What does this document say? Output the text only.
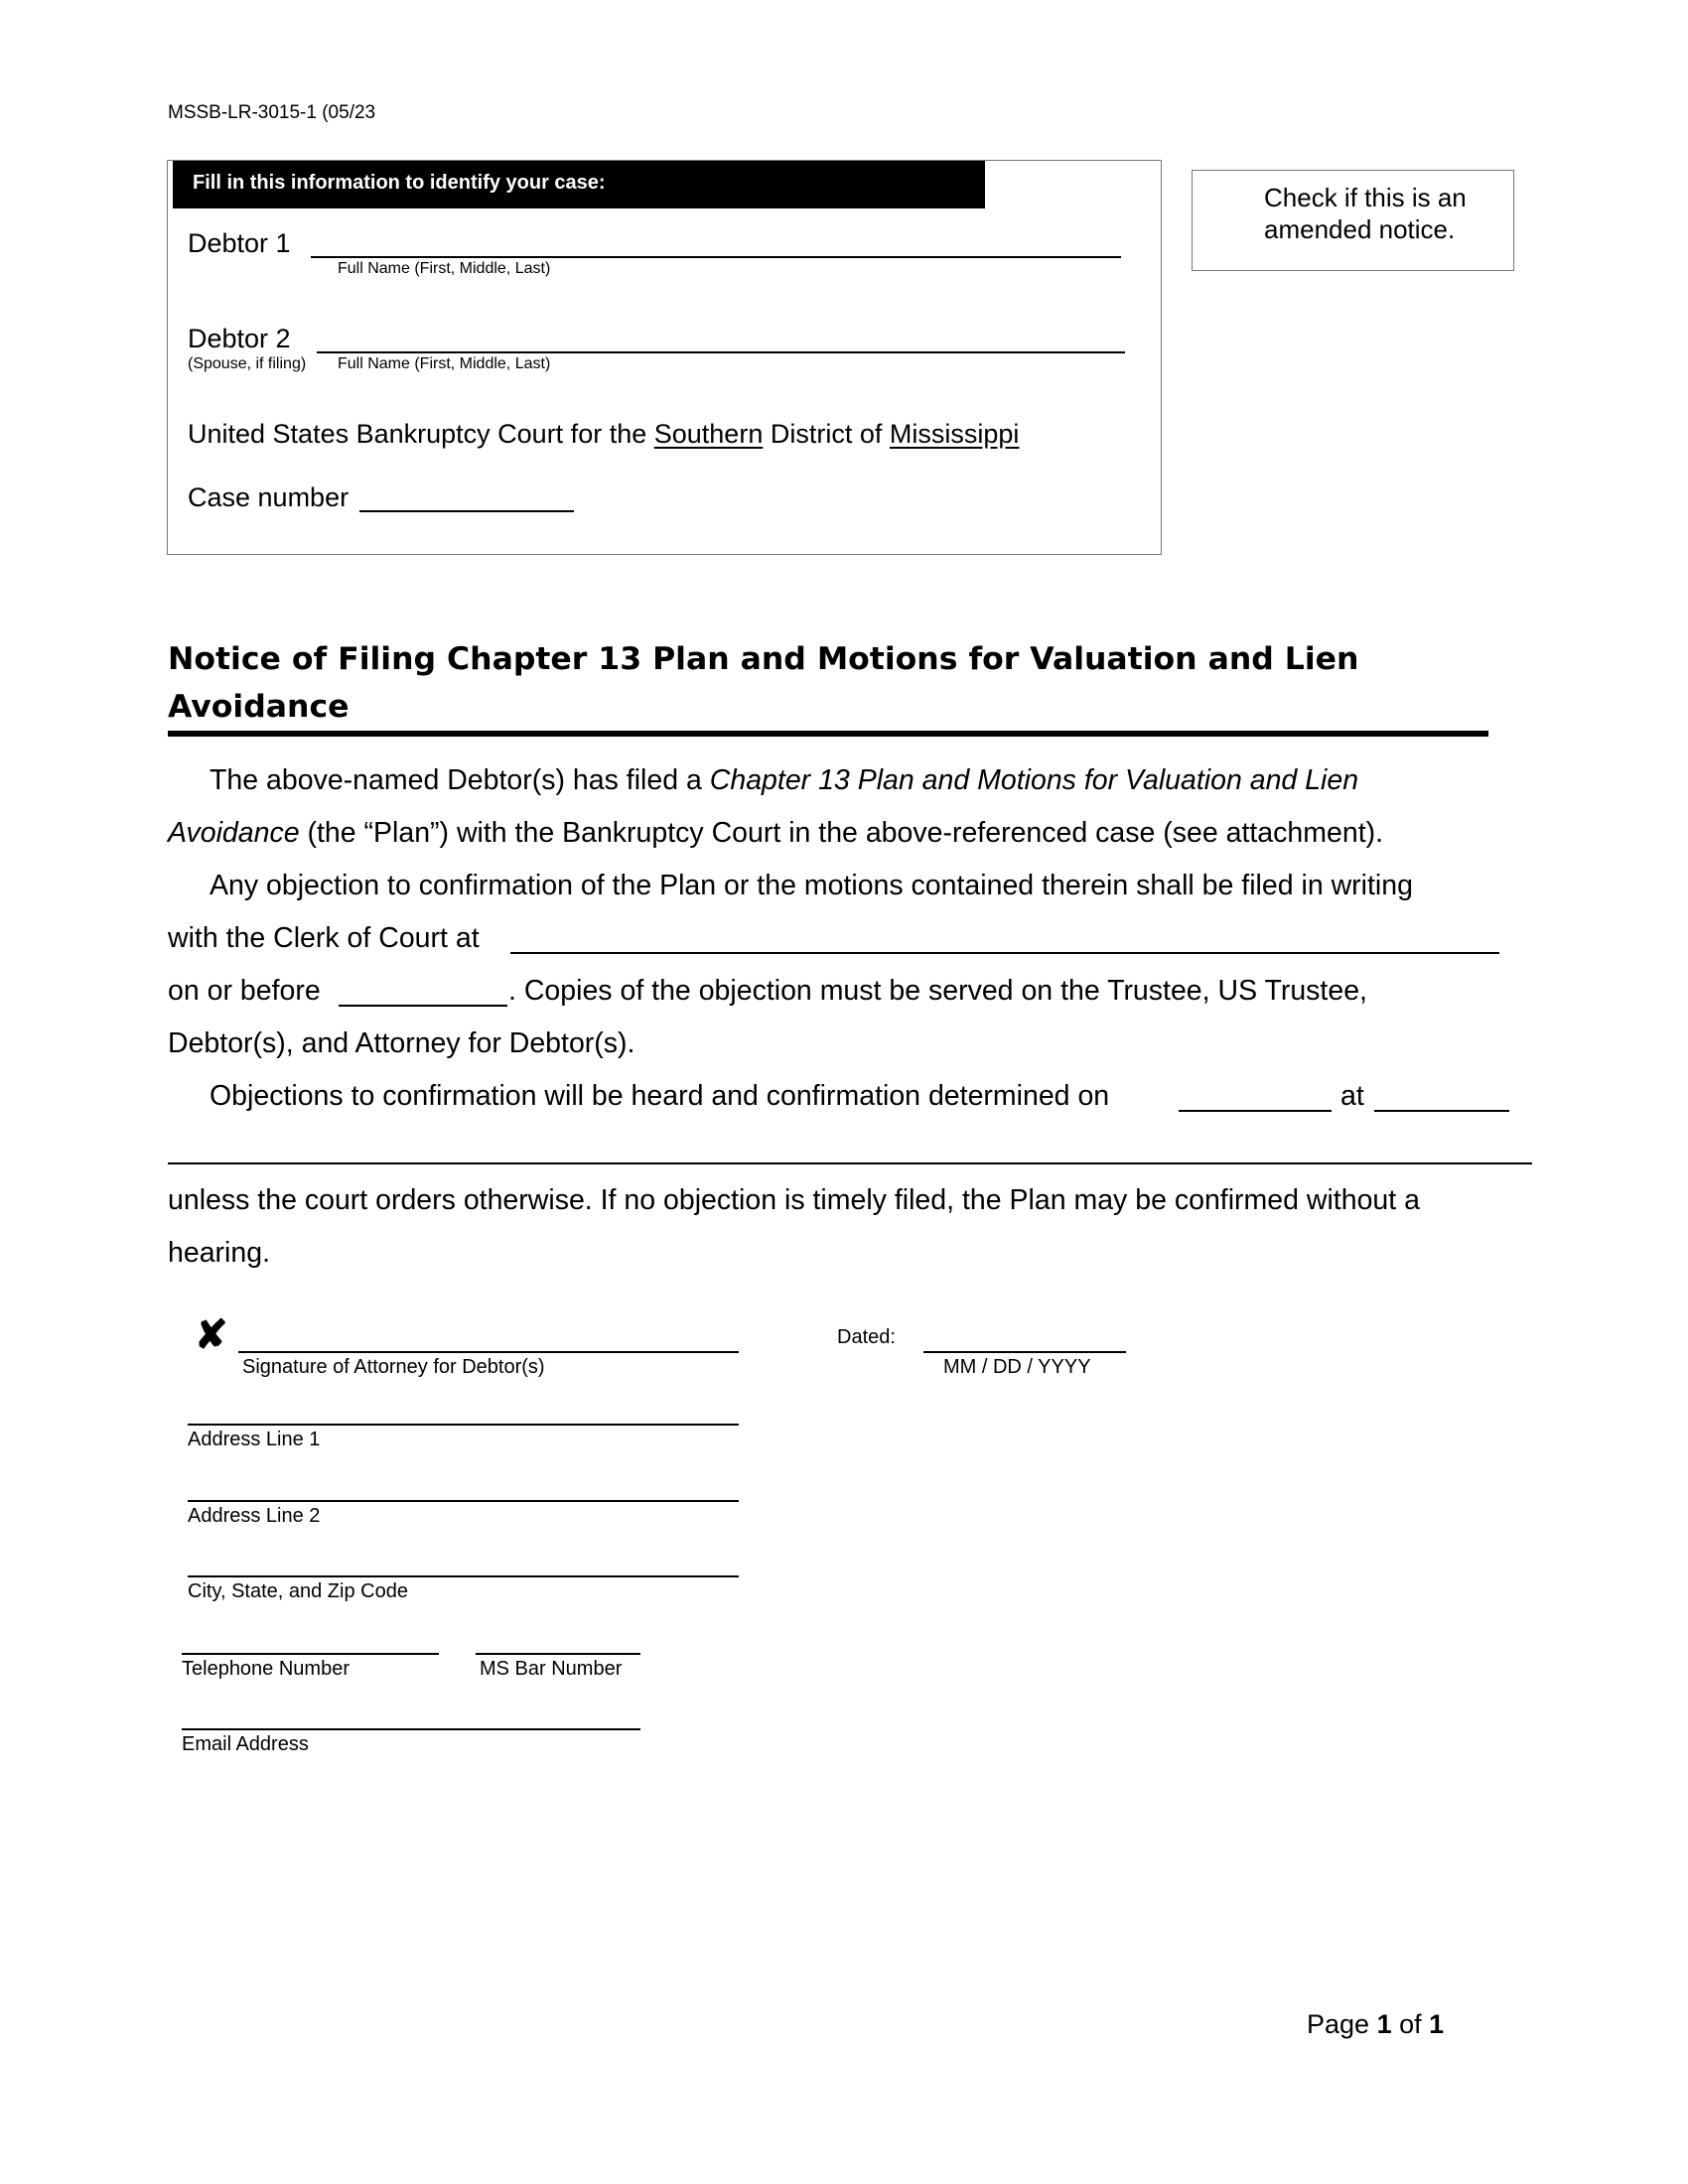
MSSB-LR-3015-1 (05/23
Fill in this information to identify your case:
Debtor 1
Full Name (First, Middle, Last)
Debtor 2
(Spouse, if filing) Full Name (First, Middle, Last)
United States Bankruptcy Court for the Southern District of Mississippi
Case number
Check if this is an
amended notice.
Notice of Filing Chapter 13 Plan and Motions for Valuation and Lien Avoidance
The above-named Debtor(s) has filed a Chapter 13 Plan and Motions for Valuation and Lien
Avoidance (the “Plan”) with the Bankruptcy Court in the above-referenced case (see attachment).
Any objection to confirmation of the Plan or the motions contained therein shall be filed in writing
with the Clerk of Court at
on or before	. Copies of the objection must be served on the Trustee, US Trustee,
Debtor(s), and Attorney for Debtor(s).
Objections to confirmation will be heard and confirmation determined on	at
unless the court orders otherwise. If no objection is timely filed, the Plan may be confirmed without a
hearing.
✘
Signature of Attorney for Debtor(s)
Dated:
MM / DD / YYYY
Address Line 1
Address Line 2
City, State, and Zip Code
Telephone Number	MS Bar Number
Email Address
Page 1 of 1
